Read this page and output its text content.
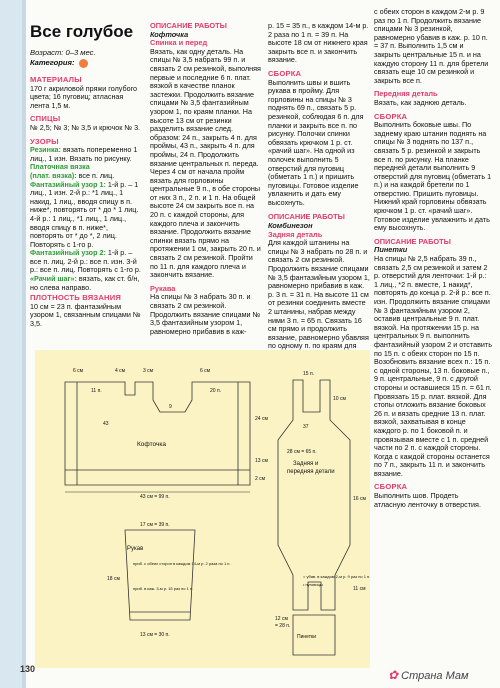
Все голубое

Возраст: 0–3 мес.

Категория:

МАТЕРИАЛЫ

170 г акриловой пряжи голубого цвета; 16 пуговиц; атласная лента 1,5 м.

СПИЦЫ

№ 2,5; № 3; № 3,5 и крючок № 3.

УЗОРЫ

Резинка: вязать попеременно 1 лиц., 1 изн. Вязать по рисунку.

Платочная вязка
(плат. вязка): все п. лиц.

Фантазийный узор 1: 1-й р. – 1 лиц., 1 изн. 2-й р.: *1 лиц., 1 накид, 1 лиц., вводя спицу в п. ниже*, повторять от * до * 1 лиц. 4-й р.: 1 лиц., *1 лиц., 1 лиц., вводя спицу в п. ниже*, повторять от * до *, 2 лиц. Повторять с 1-го р.

Фантазийный узор 2: 1-й р. – все п. лиц. 2-й р.: все п. изн. 3-й р.: все п. лиц. Повторять с 1-го р.

«Рачий шаг»: вязать, как ст. б/н, но слева направо.

ПЛОТНОСТЬ ВЯЗАНИЯ

10 см = 23 п. фантазийным узором 1, связанным спицами № 3,5.

ОПИСАНИЕ РАБОТЫ
Кофточка
Спинка и перед

Вязать, как одну деталь. На спицы № 3,5 набрать 99 п. и связать 2 см резинкой, выполняя первые и последние 6 п. плат. вязкой в качестве планок застежки. Продолжить вязание спицами № 3,5 фантазийным узором 1, по краям планки. На высоте 13 см от резинки разделить вязание след. образом: 24 п., закрыть 4 п. для проймы, 43 п., закрыть 4 п. для проймы, 24 п. Продолжить вязание центральных п. переда. Через 4 см от начала пройм вязать для горловины центральные 9 п., в обе стороны от них 3 п., 2 п. и 1 п. На общей высоте 24 см закрыть все п. на 20 п. с каждой стороны, для каждого плеча и закончить вязание. Продолжить вязание спинки вязать прямо на протяжении 1 см, закрыть 20 п. и связать 2 см резинкой. Пройти по 11 п. для каждого плеча и закончить вязание.

Рукава

На спицы № 3 набрать 30 п. и связать 2 см резинкой. Продолжить вязание спицами № 3,5 фантазийным узором 1, равномерно прибавив в каж-

р. 15 = 35 п., в каждом 14-м р. 2 раза по 1 п. = 39 п. На высоте 18 см от нижнего края закрыть все п. и закончить вязание.

СБОРКА

Выполнить швы и вшить рукава в пройму. Для горловины на спицы № 3 поднять 69 п., связать 5 р. резинкой, соблюдая 6 п. для планки и закрыть все п. по рисунку. Полочки спинки обвязать крючком 1 р. ст. «рачий шаг». На одной из полочек выполнить 5 отверстий для пуговиц (обметать 1 п.) и пришить пуговицы. Готовое изделие увлажнить и дать ему высохнуть.

ОПИСАНИЕ РАБОТЫ
Комбинезон
Задняя деталь

Для каждой штанины на спицы № 3 набрать по 28 п. и связать 2 см резинкой. Продолжить вязание спицами № 3,5 фантазийным узором 1, равномерно прибавив в каж. р. 3 п. = 31 п. На высоте 11 см от резинки соединить вместе 2 штанины, набрав между ними 3 п. = 65 п. Связать 16 см прямо и продолжить вязание, равномерно убавляя по одному п. по краям для

с обеих сторон в каждом 2-м р. 9 раз по 1 п. Продолжить вязание спицами № 3 резинкой, равномерно убавив в каж. р. 10 п. = 37 п. Выполнить 1,5 см и закрыть центральные 15 п. и на каждую сторону 11 п. для бретели связать еще 10 см резинкой и закрыть все п.

Передняя деталь

Вязать, как заднюю деталь.

СБОРКА

Выполнить боковые швы. По заднему краю штанин поднять на спицы № 3 поднять по 137 п., связать 5 р. резинкой и закрыть все п. по рисунку. На планке передней детали выполнить 9 отверстий для пуговиц (обметать 1 п.) и на каждой бретели по 1 отверстию. Пришить пуговицы. Нижний край горловины обвязать крючком 1 р. ст. «рачий шаг». Готовое изделие увлажнить и дать ему высохнуть.

ОПИСАНИЕ РАБОТЫ
Пинетки

На спицы № 2,5 набрать 39 п., связать 2,5 см резинкой и затем 2 р. отверстий для ленточки: 1-й р.: 1 лиц., *2 п. вместе, 1 накид*, повторять до конца р. 2-й р.: все п. изн. Продолжить вязание спицами № 3 фантазийным узором 2, оставив центральные 9 п. плат. вязкой. На протяжении 15 р. на центральных 9 п. выполнить фантазийный узором 2 и отставить по 15 п. с обеих сторон по 15 п. Возобновить вязание всех п.: 15 п. с одной стороны, 13 п. боковые п., 9 п. центральные, 9 п. с другой стороны и оставшиеся 15 п. = 61 п. Провязать 15 р. плат. вязкой. Для стопы отложить вязание боковых 26 п. и вязать средние 13 п. плат. вязкой, захватывая в конце каждого р. по 1 боковой п. и провязывая вместе с 1 п. средней части по 2 п. с каждой стороны. Когда с каждой стороны останется по 7 п., закрыть 11 п. и закончить вязание.

СБОРКА

Выполнить шов. Продеть атласную ленточку в отверстия.

Кофточка
43 см = 99 п.
6 см	4 см	3 см	6 см
11 п.	20 п.
24 см
13 см
2 см
43
9
Задняя и
передняя детали
28 см = 65 п.
10 см
15 п.
16 см
11 см
12 см
= 28 п.
37
Рукав
17 см = 39 п.
13 см = 30 п.
приб. с обеих сторон в каждом 14-м р. 2 раза по 1 п.
приб. в каж. 3-м р. 15 раз по 1 п.
18 см
Пинетки
= убав. в каждом 2-м р. 9 раз по 1 п.
• пуговицы
130	✿ Страна Мам
